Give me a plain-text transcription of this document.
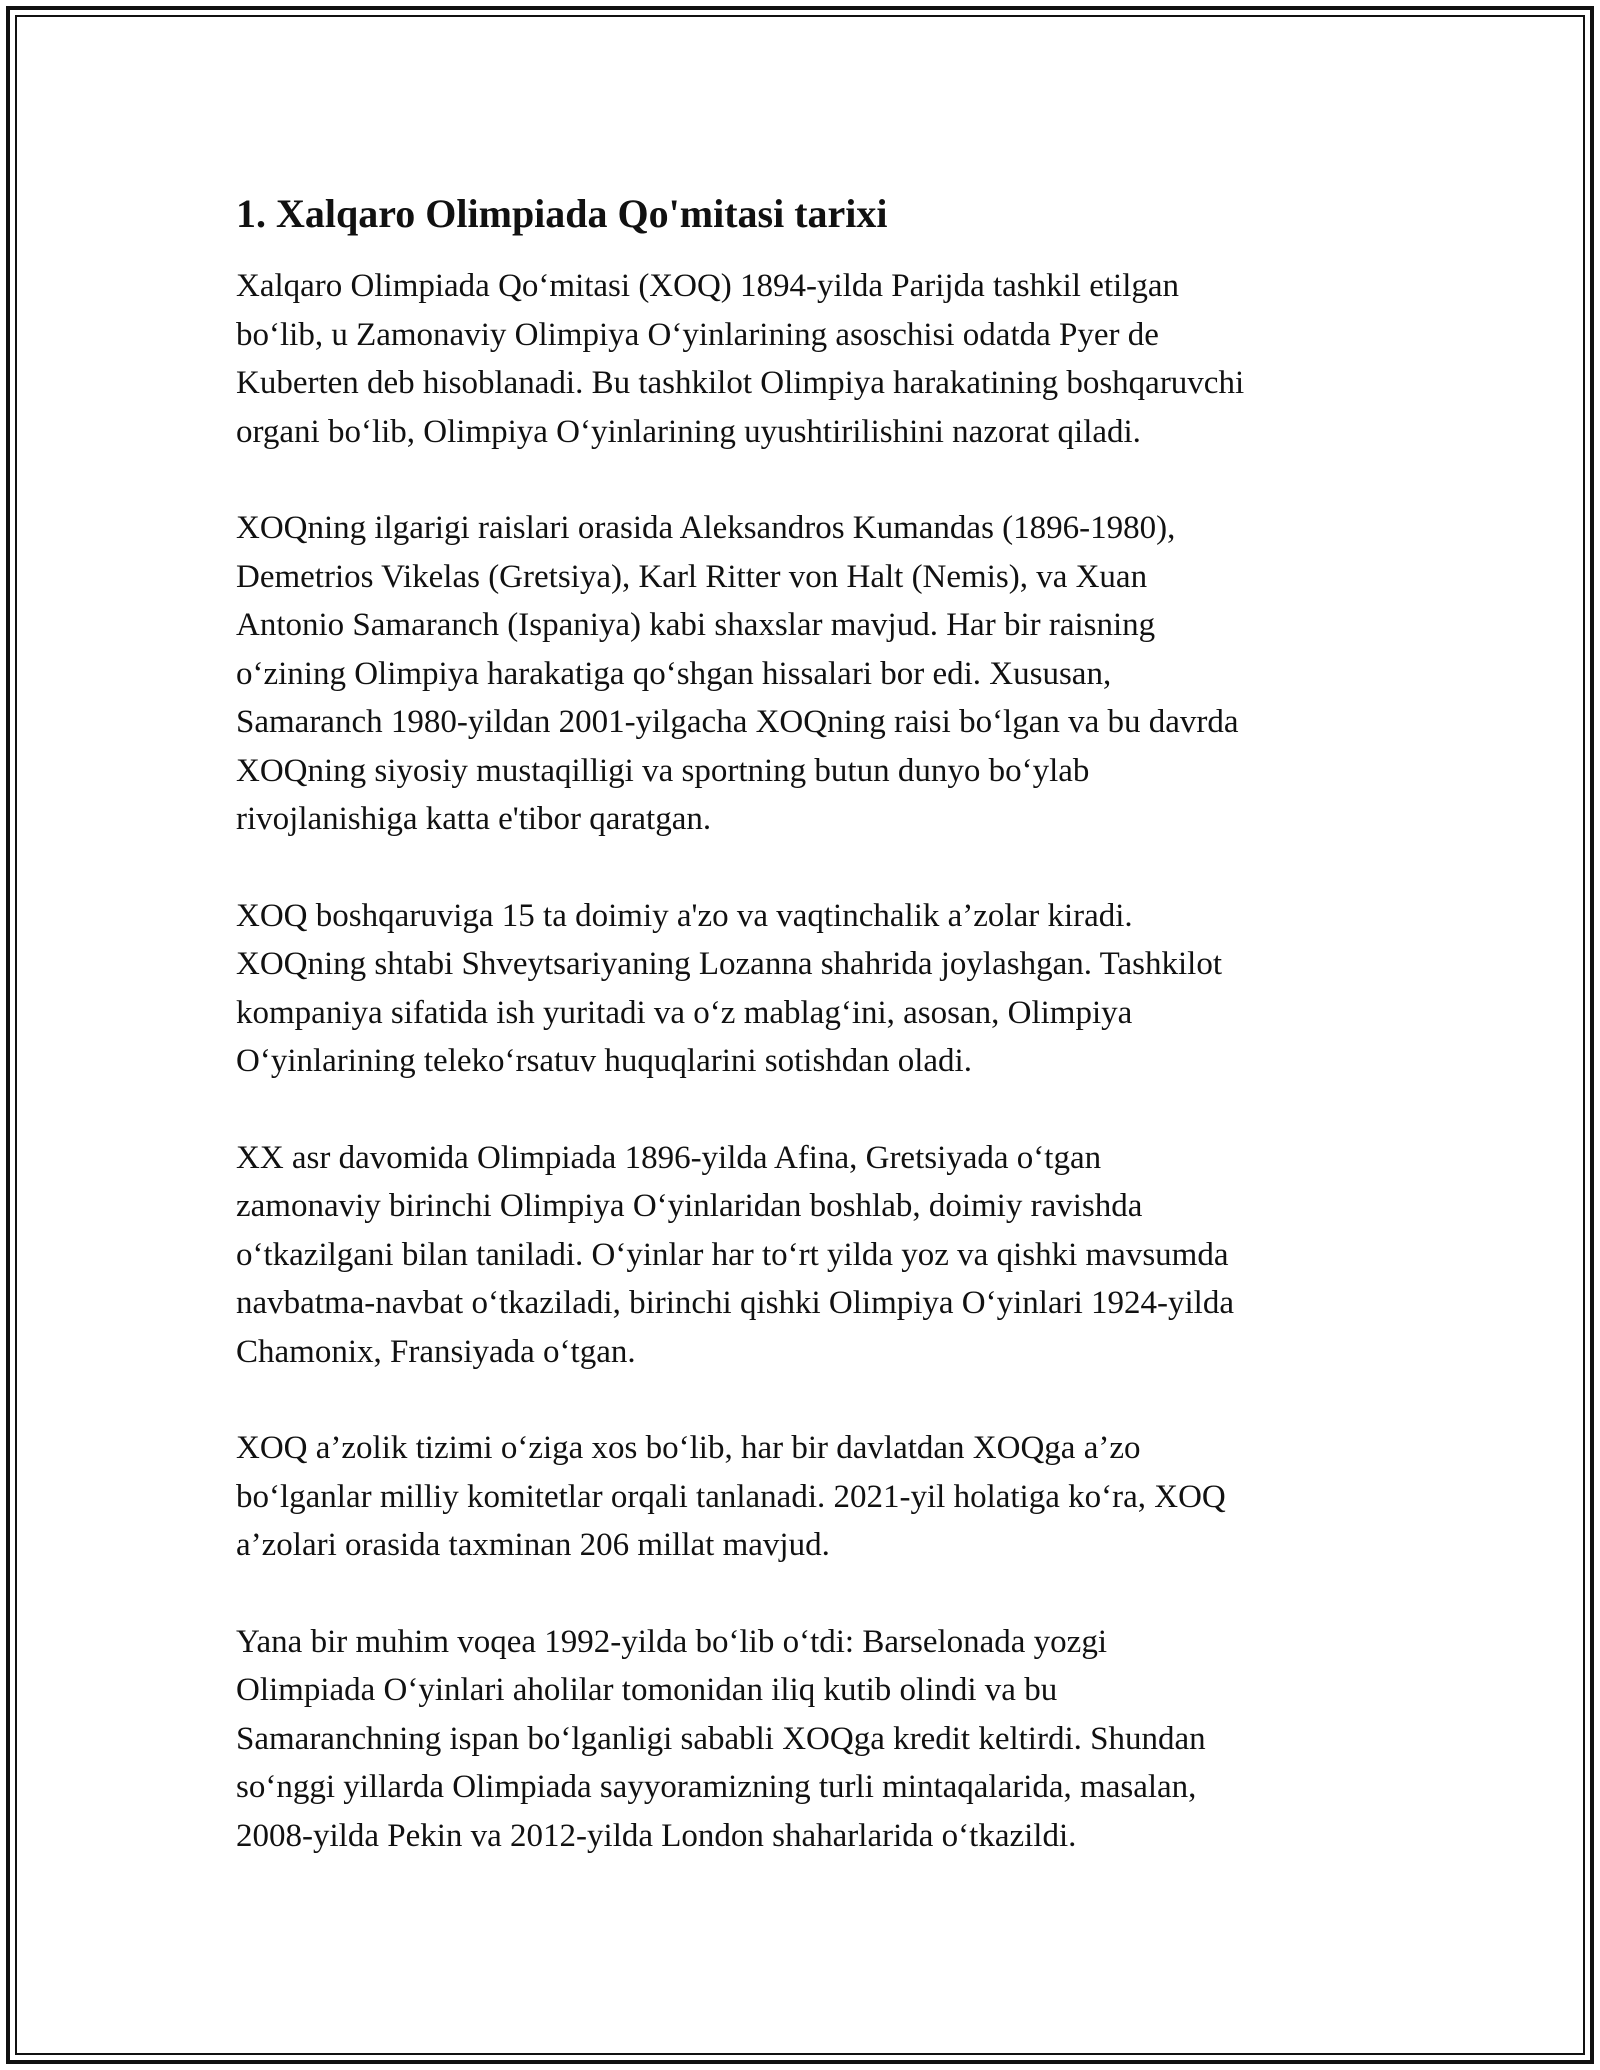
1. Xalqaro Olimpiada Qo'mitasi tarixi
Xalqaro Olimpiada Qoʻmitasi (XOQ) 1894-yilda Parijda tashkil etilgan
boʻlib, u Zamonaviy Olimpiya Oʻyinlarining asoschisi odatda Pyer de
Kuberten deb hisoblanadi. Bu tashkilot Olimpiya harakatining boshqaruvchi
organi boʻlib, Olimpiya Oʻyinlarining uyushtirilishini nazorat qiladi.
XOQning ilgarigi raislari orasida Aleksandros Kumandas (1896-1980),
Demetrios Vikelas (Gretsiya), Karl Ritter von Halt (Nemis), va Xuan
Antonio Samaranch (Ispaniya) kabi shaxslar mavjud. Har bir raisning
oʻzining Olimpiya harakatiga qoʻshgan hissalari bor edi. Xususan,
Samaranch 1980-yildan 2001-yilgacha XOQning raisi boʻlgan va bu davrda
XOQning siyosiy mustaqilligi va sportning butun dunyo boʻylab
rivojlanishiga katta e'tibor qaratgan.
XOQ boshqaruviga 15 ta doimiy a'zo va vaqtinchalik a’zolar kiradi.
XOQning shtabi Shveytsariyaning Lozanna shahrida joylashgan. Tashkilot
kompaniya sifatida ish yuritadi va oʻz mablagʻini, asosan, Olimpiya
Oʻyinlarining telekoʻrsatuv huquqlarini sotishdan oladi.
XX asr davomida Olimpiada 1896-yilda Afina, Gretsiyada oʻtgan
zamonaviy birinchi Olimpiya Oʻyinlaridan boshlab, doimiy ravishda
oʻtkazilgani bilan taniladi. Oʻyinlar har toʻrt yilda yoz va qishki mavsumda
navbatma-navbat oʻtkaziladi, birinchi qishki Olimpiya Oʻyinlari 1924-yilda
Chamonix, Fransiyada oʻtgan.
XOQ a’zolik tizimi oʻziga xos boʻlib, har bir davlatdan XOQga a’zo
boʻlganlar milliy komitetlar orqali tanlanadi. 2021-yil holatiga koʻra, XOQ
a’zolari orasida taxminan 206 millat mavjud.
Yana bir muhim voqea 1992-yilda boʻlib oʻtdi: Barselonada yozgi
Olimpiada Oʻyinlari aholilar tomonidan iliq kutib olindi va bu
Samaranchning ispan boʻlganligi sababli XOQga kredit keltirdi. Shundan
soʻnggi yillarda Olimpiada sayyoramizning turli mintaqalarida, masalan,
2008-yilda Pekin va 2012-yilda London shaharlarida oʻtkazildi.
